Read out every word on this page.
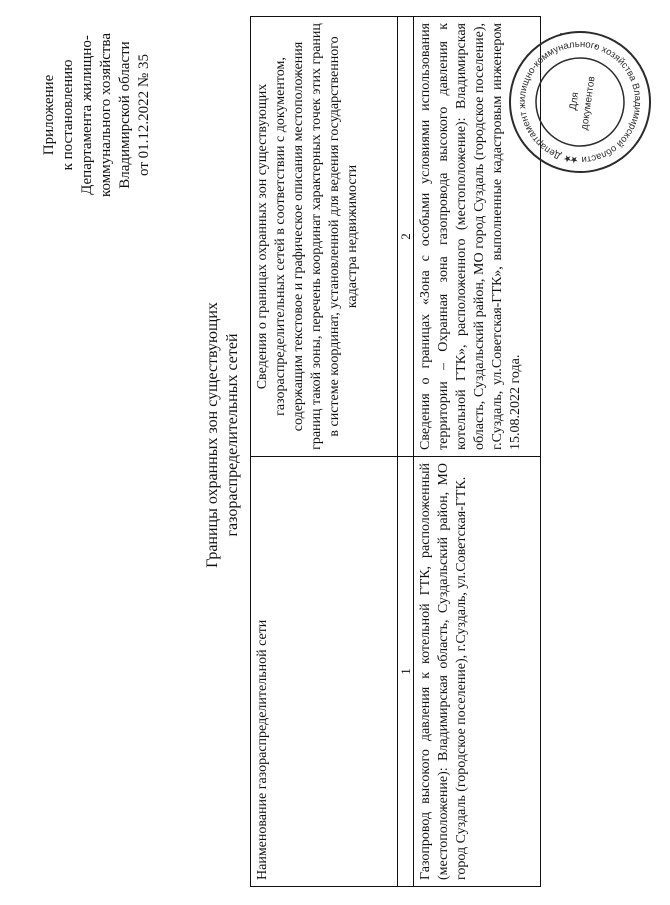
Приложение к постановлению Департамента жилищно- коммунального хозяйства Владимирской области от 01.12.2022 № 35
Границы охранных зон существующих газораспределительных сетей
Наименование газораспределительной сети	Сведения о границах охранных зон существующих газораспределительных сетей в соответствии с документом, содержащим текстовое и графическое описания местоположения границ такой зоны, перечень координат характерных точек этих границ в системе координат, установленной для ведения государственного кадастра недвижимости
1	2
Газопровод высокого давления к котельной ГТК, расположенный (местоположение): Владимирская область, Суздальский район, МО город Суздаль (городское поселение), г.Суздаль, ул.Советская-ГТК.	Сведения о границах «Зона с особыми условиями использования территории – Охранная зона газопровода высокого давления к котельной ГТК», расположенного (местоположение): Владимирская область, Суздальский район, МО город Суздаль (городское поселение), г.Суздаль, ул.Советская-ГТК», выполненные кадастровым инженером 15.08.2022 года.
★ Департамент жилищно-коммунального хозяйства Владимирской области ★
Для
документов
